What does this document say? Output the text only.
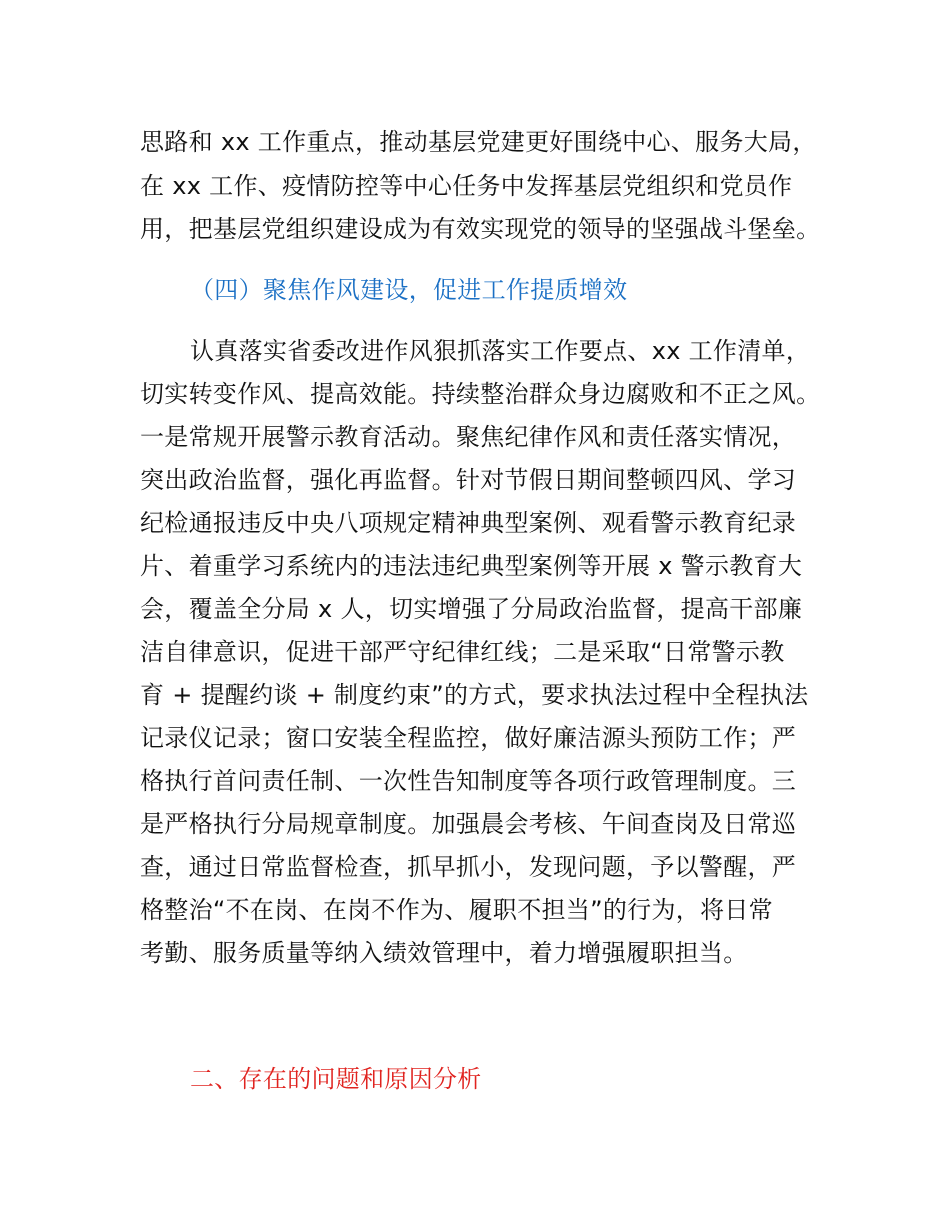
思路和 xx 工作重点，推动基层党建更好围绕中心、服务大局，
在 xx 工作、疫情防控等中心任务中发挥基层党组织和党员作
用，把基层党组织建设成为有效实现党的领导的坚强战斗堡垒。
（四）聚焦作风建设，促进工作提质增效
认真落实省委改进作风狠抓落实工作要点、xx 工作清单，
切实转变作风、提高效能。持续整治群众身边腐败和不正之风。
一是常规开展警示教育活动。聚焦纪律作风和责任落实情况，
突出政治监督，强化再监督。针对节假日期间整顿四风、学习
纪检通报违反中央八项规定精神典型案例、观看警示教育纪录
片、着重学习系统内的违法违纪典型案例等开展 x 警示教育大
会，覆盖全分局 x 人，切实增强了分局政治监督，提高干部廉
洁自律意识，促进干部严守纪律红线；二是采取“日常警示教
育 + 提醒约谈 + 制度约束”的方式，要求执法过程中全程执法
记录仪记录；窗口安装全程监控，做好廉洁源头预防工作；严
格执行首问责任制、一次性告知制度等各项行政管理制度。三
是严格执行分局规章制度。加强晨会考核、午间查岗及日常巡
查，通过日常监督检查，抓早抓小，发现问题，予以警醒，严
格整治“不在岗、在岗不作为、履职不担当”的行为，将日常
考勤、服务质量等纳入绩效管理中，着力增强履职担当。
二、存在的问题和原因分析
